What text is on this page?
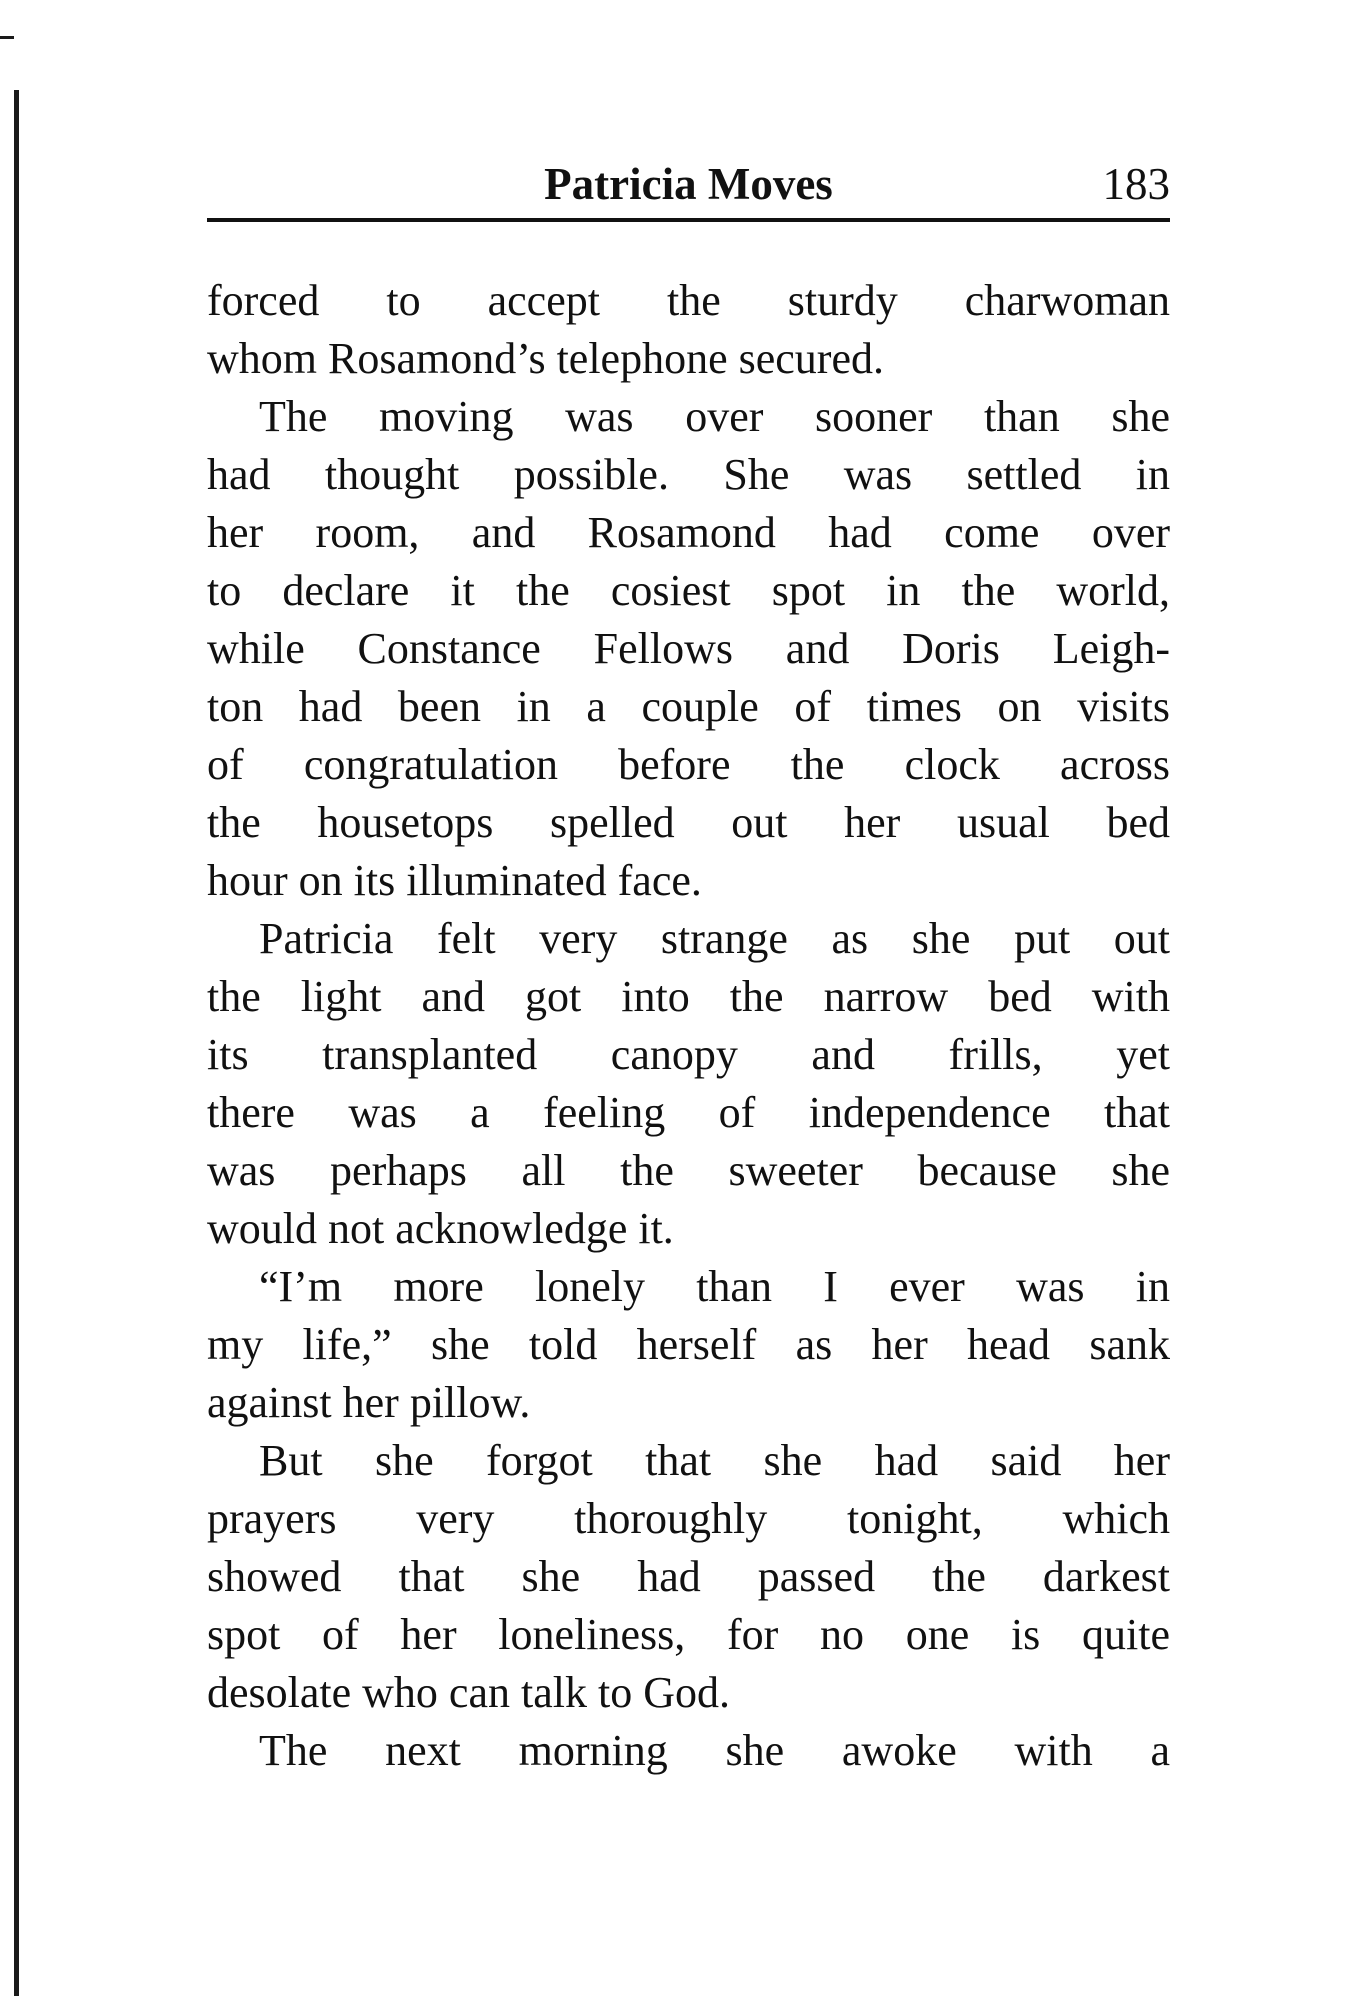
Patricia Moves	183
forced to accept the sturdy charwoman
whom Rosamond’s telephone secured.
The moving was over sooner than she
had thought possible. She was settled in
her room, and Rosamond had come over
to declare it the cosiest spot in the world,
while Constance Fellows and Doris Leigh-
ton had been in a couple of times on visits
of congratulation before the clock across
the housetops spelled out her usual bed
hour on its illuminated face.
Patricia felt very strange as she put out
the light and got into the narrow bed with
its transplanted canopy and frills, yet
there was a feeling of independence that
was perhaps all the sweeter because she
would not acknowledge it.
“I’m more lonely than I ever was in
my life,” she told herself as her head sank
against her pillow.
But she forgot that she had said her
prayers very thoroughly tonight, which
showed that she had passed the darkest
spot of her loneliness, for no one is quite
desolate who can talk to God.
The next morning she awoke with a
